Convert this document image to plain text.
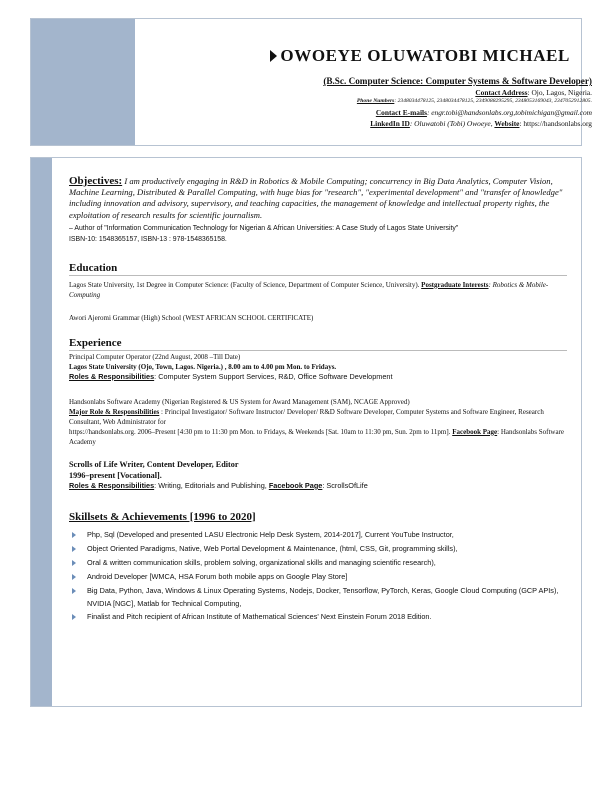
OWOEYE OLUWATOBI MICHAEL
(B.Sc. Computer Science: Computer Systems & Software Developer)
Contact Address: Ojo, Lagos, Nigeria.
Phone Numbers: 2348034478125, 2348034478125, 2349088295295, 2348053169043, 2347052912805.
Contact E-mails: engr.tobi@handsonlabs.org,tobimichigan@gmail.com
LinkedIn ID: Oluwatobi (Tobi) Owoeye, Website: https://handsonlabs.org

Objectives: I am productively engaging in R&D in Robotics & Mobile Computing; concurrency in Big Data Analytics, Computer Vision, Machine Learning, Distributed & Parallel Computing, with huge bias for "research", "experimental development" and "transfer of knowledge" including innovation and advisory, supervisory, and teaching capacities, the management of knowledge and intellectual property rights, the exploitation of research results for scientific journalism.

– Author of "Information Communication Technology for Nigerian & African Universities: A Case Study of Lagos State University"
ISBN-10: 1548365157, ISBN-13 : 978-1548365158.

Education

Lagos State University, 1st Degree in Computer Science: (Faculty of Science, Department of Computer Science, University). Postgraduate Interests: Robotics & Mobile-Computing

Awori Ajeromi Grammar (High) School (WEST AFRICAN SCHOOL CERTIFICATE)

Experience

Principal Computer Operator (22nd August, 2008 –Till Date)

Lagos State University (Ojo, Town, Lagos. Nigeria.) , 8.00 am to 4.00 pm Mon. to Fridays.

Roles & Responsibilities: Computer System Support Services, R&D, Office Software Development

Handsonlabs Software Academy (Nigerian Registered & US System for Award Management (SAM), NCAGE Approved)

Major Role & Responsibilities : Principal Investigator/ Software Instructor/ Developer/ R&D Software Developer, Computer Systems and Software Engineer, Research Consultant, Web Administrator for

https://handsonlabs.org. 2006–Present [4:30 pm to 11:30 pm Mon. to Fridays, & Weekends [Sat. 10am to 11:30 pm, Sun. 2pm to 11pm]. Facebook Page: Handsonlabs Software Academy

Scrolls of Life Writer, Content Developer, Editor

1996–present [Vocational].

Roles & Responsibilities: Writing, Editorials and Publishing, Facebook Page: ScrollsOfLife

Skillsets & Achievements [1996 to 2020]
Php, Sql (Developed and presented LASU Electronic Help Desk System, 2014-2017], Current YouTube Instructor,
Object Oriented Paradigms, Native, Web Portal Development & Maintenance, (html, CSS, Git, programming skills),
Oral & written communication skills, problem solving, organizational skills and managing scientific research),
Android Developer [WMCA, HSA Forum both mobile apps on Google Play Store]
Big Data, Python, Java, Windows & Linux Operating Systems, Nodejs, Docker, Tensorflow, PyTorch, Keras, Google Cloud Computing (GCP APIs), NVIDIA [NGC], Matlab for Technical Computing,
Finalist and Pitch recipient of African Institute of Mathematical Sciences' Next Einstein Forum 2018 Edition.
